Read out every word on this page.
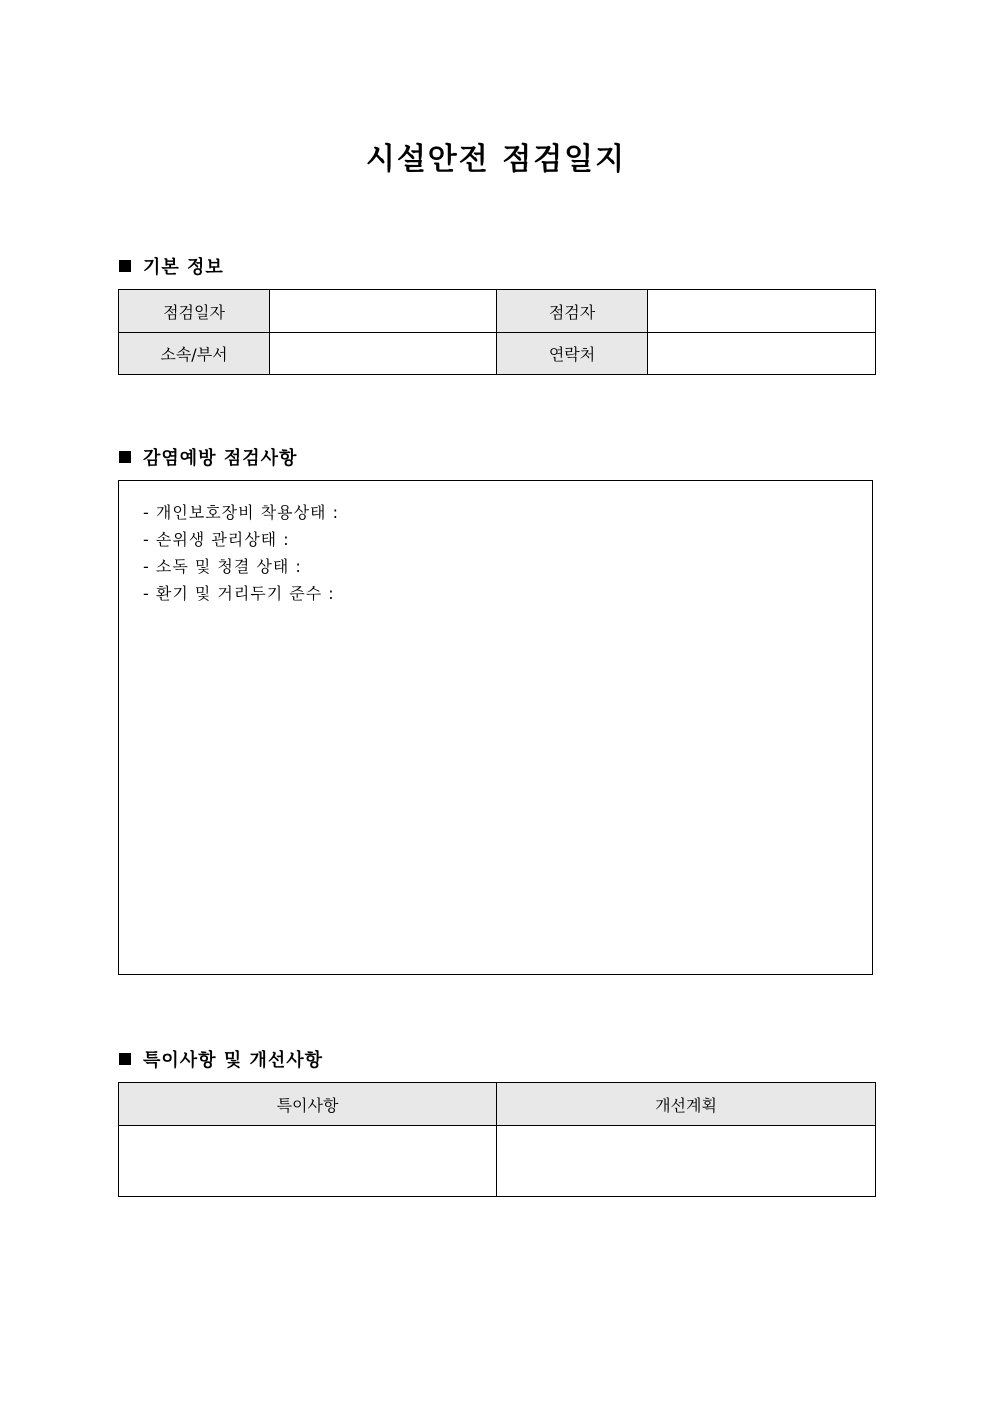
시설안전 점검일지
기본 정보
점검일자		점검자	
소속/부서		연락처	
감염예방 점검사항
- 개인보호장비 착용상태 :
- 손위생 관리상태 :
- 소독 및 청결 상태 :
- 환기 및 거리두기 준수 :
특이사항 및 개선사항
특이사항	개선계획
